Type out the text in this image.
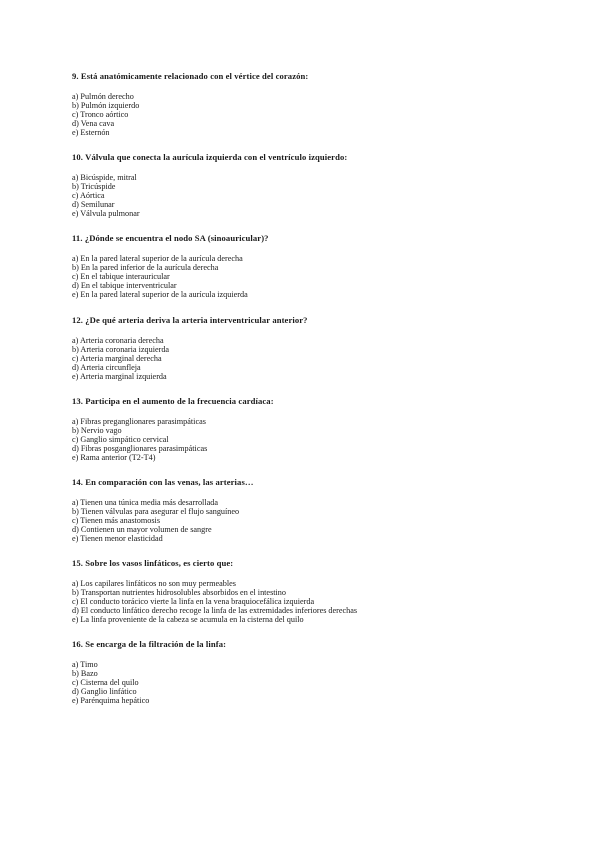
9. Está anatómicamente relacionado con el vértice del corazón:

a) Pulmón derecho
b) Pulmón izquierdo
c) Tronco aórtico
d) Vena cava
e) Esternón

10. Válvula que conecta la aurícula izquierda con el ventrículo izquierdo:

a) Bicúspide, mitral
b) Tricúspide
c) Aórtica
d) Semilunar
e) Válvula pulmonar

11. ¿Dónde se encuentra el nodo SA (sinoauricular)?

a) En la pared lateral superior de la aurícula derecha
b) En la pared inferior de la aurícula derecha
c) En el tabique interauricular
d) En el tabique interventricular
e) En la pared lateral superior de la aurícula izquierda

12. ¿De qué arteria deriva la arteria interventricular anterior?

a) Arteria coronaria derecha
b) Arteria coronaria izquierda
c) Arteria marginal derecha
d) Arteria circunfleja
e) Arteria marginal izquierda

13. Participa en el aumento de la frecuencia cardíaca:

a) Fibras preganglionares parasimpáticas
b) Nervio vago
c) Ganglio simpático cervical
d) Fibras posganglionares parasimpáticas
e) Rama anterior (T2-T4)

14. En comparación con las venas, las arterias…

a) Tienen una túnica media más desarrollada
b) Tienen válvulas para asegurar el flujo sanguíneo
c) Tienen más anastomosis
d) Contienen un mayor volumen de sangre
e) Tienen menor elasticidad

15. Sobre los vasos linfáticos, es cierto que:

a) Los capilares linfáticos no son muy permeables
b) Transportan nutrientes hidrosolubles absorbidos en el intestino
c) El conducto torácico vierte la linfa en la vena braquiocefálica izquierda
d) El conducto linfático derecho recoge la linfa de las extremidades inferiores derechas
e) La linfa proveniente de la cabeza se acumula en la cisterna del quilo

16. Se encarga de la filtración de la linfa:

a) Timo
b) Bazo
c) Cisterna del quilo
d) Ganglio linfático
e) Parénquima hepático
